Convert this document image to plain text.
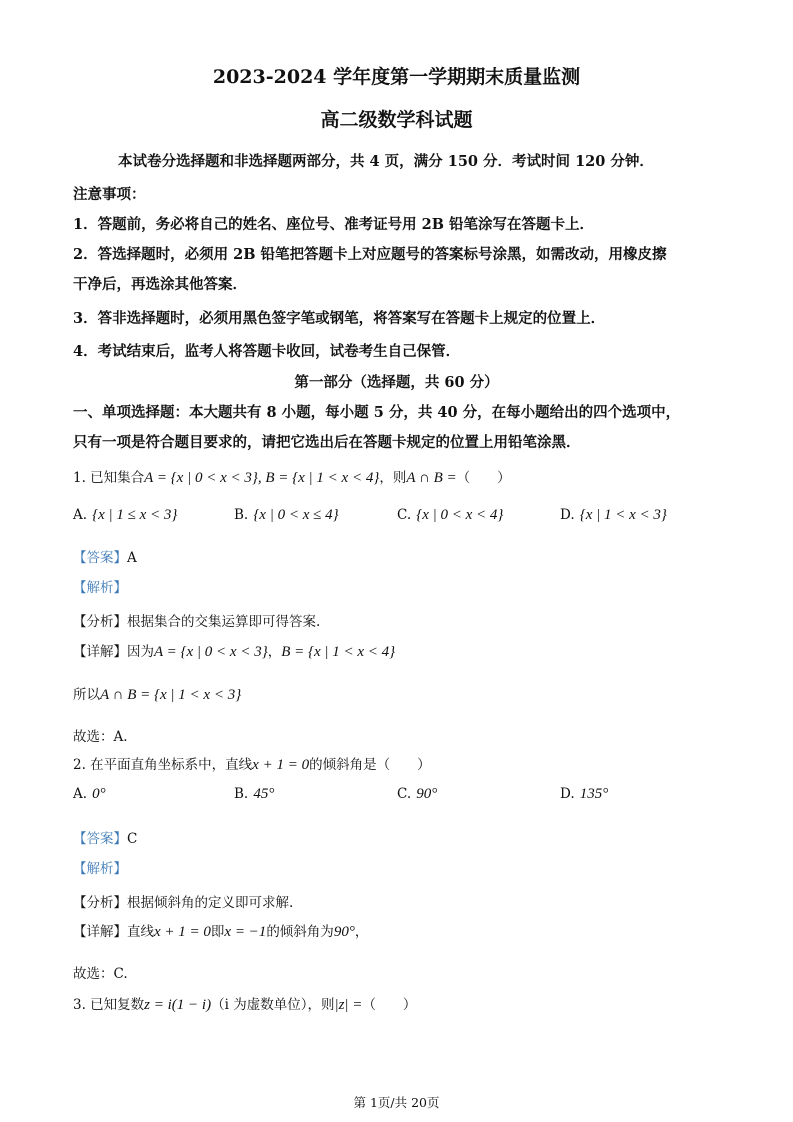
2023-2024 学年度第一学期期末质量监测
高二级数学科试题
本试卷分选择题和非选择题两部分，共 4 页，满分 150 分．考试时间 120 分钟．
注意事项：
1．答题前，务必将自己的姓名、座位号、准考证号用 2B 铅笔涂写在答题卡上．
2．答选择题时，必须用 2B 铅笔把答题卡上对应题号的答案标号涂黑，如需改动，用橡皮擦
干净后，再选涂其他答案．
3．答非选择题时，必须用黑色签字笔或钢笔，将答案写在答题卡上规定的位置上．
4．考试结束后，监考人将答题卡收回，试卷考生自己保管．
第一部分（选择题，共 60 分）
一、单项选择题：本大题共有 8 小题，每小题 5 分，共 40 分，在每小题给出的四个选项中，
只有一项是符合题目要求的，请把它选出后在答题卡规定的位置上用铅笔涂黑．
1. 已知集合A = {x | 0 < x < 3}, B = {x | 1 < x < 4}，则A ∩ B =（　　）
A. {x | 1 ≤ x < 3}	B. {x | 0 < x ≤ 4}	C. {x | 0 < x < 4}	D. {x | 1 < x < 3}
【答案】A
【解析】
【分析】根据集合的交集运算即可得答案.
【详解】因为A = {x | 0 < x < 3}，B = {x | 1 < x < 4}
所以A ∩ B = {x | 1 < x < 3}
故选：A.
2. 在平面直角坐标系中，直线x + 1 = 0的倾斜角是（　　）
A. 0°	B. 45°	C. 90°	D. 135°
【答案】C
【解析】
【分析】根据倾斜角的定义即可求解.
【详解】直线x + 1 = 0即x = −1的倾斜角为90°，
故选：C.
3. 已知复数z = i(1 − i)（i 为虚数单位），则|z| =（　　）
第 1页/共 20页
